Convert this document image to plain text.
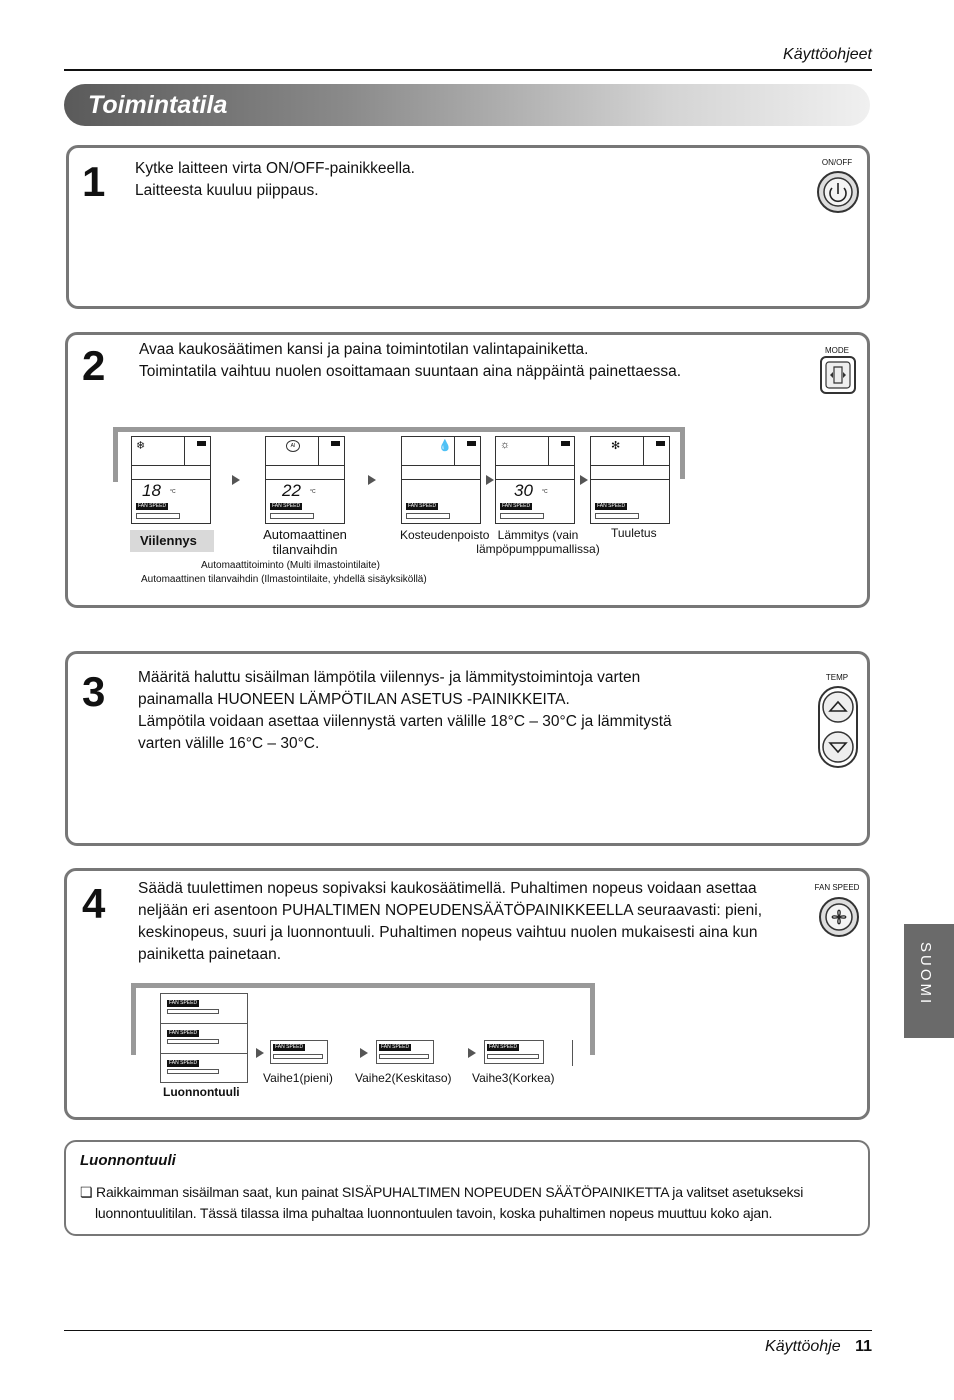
Käyttöohjeet
Toimintatila
1 Kytke laitteen virta ON/OFF-painikkeella.
Laitteesta kuuluu piippaus.
ON/OFF
2 Avaa kaukosäätimen kansi ja paina toimintotilan valintapainiketta.
Toimintatila vaihtuu nuolen osoittamaan suuntaan aina näppäintä painettaessa.
MODE
❄
18 °C
FAN SPEED
Viilennys
AI
22 °C
FAN SPEED
Automaattinen
tilanvaihdin
💧
FAN SPEED
Kosteudenpoisto
☼
30 °C
FAN SPEED
Lämmitys (vain
lämpöpumppumallissa)
✻
FAN SPEED
Tuuletus
Automaattitoiminto (Multi ilmastointilaite)
Automaattinen tilanvaihdin (Ilmastointilaite, yhdellä sisäyksiköllä)
3 Määritä haluttu sisäilman lämpötila viilennys- ja lämmitystoimintoja varten
painamalla HUONEEN LÄMPÖTILAN ASETUS -PAINIKKEITA.
Lämpötila voidaan asettaa viilennystä varten välille 18°C – 30°C ja lämmitystä
varten välille 16°C – 30°C.
TEMP
4 Säädä tuulettimen nopeus sopivaksi kaukosäätimellä. Puhaltimen nopeus voidaan asettaa
neljään eri asentoon PUHALTIMEN NOPEUDENSÄÄTÖPAINIKKEELLA seuraavasti: pieni,
keskinopeus, suuri ja luonnontuuli. Puhaltimen nopeus vaihtuu nuolen mukaisesti aina kun
painiketta painetaan.
FAN SPEED
FAN SPEED
FAN SPEED
FAN SPEED
Luonnontuuli
FAN SPEED
Vaihe1(pieni)
FAN SPEED
Vaihe2(Keskitaso)
FAN SPEED
Vaihe3(Korkea)
Luonnontuuli
❏ Raikkaimman sisäilman saat, kun painat SISÄPUHALTIMEN NOPEUDEN SÄÄTÖPAINIKETTA ja valitset asetukseksi
luonnontuulitilan. Tässä tilassa ilma puhaltaa luonnontuulen tavoin, koska puhaltimen nopeus muuttuu koko ajan.
SUOMI
Käyttöohje 11
